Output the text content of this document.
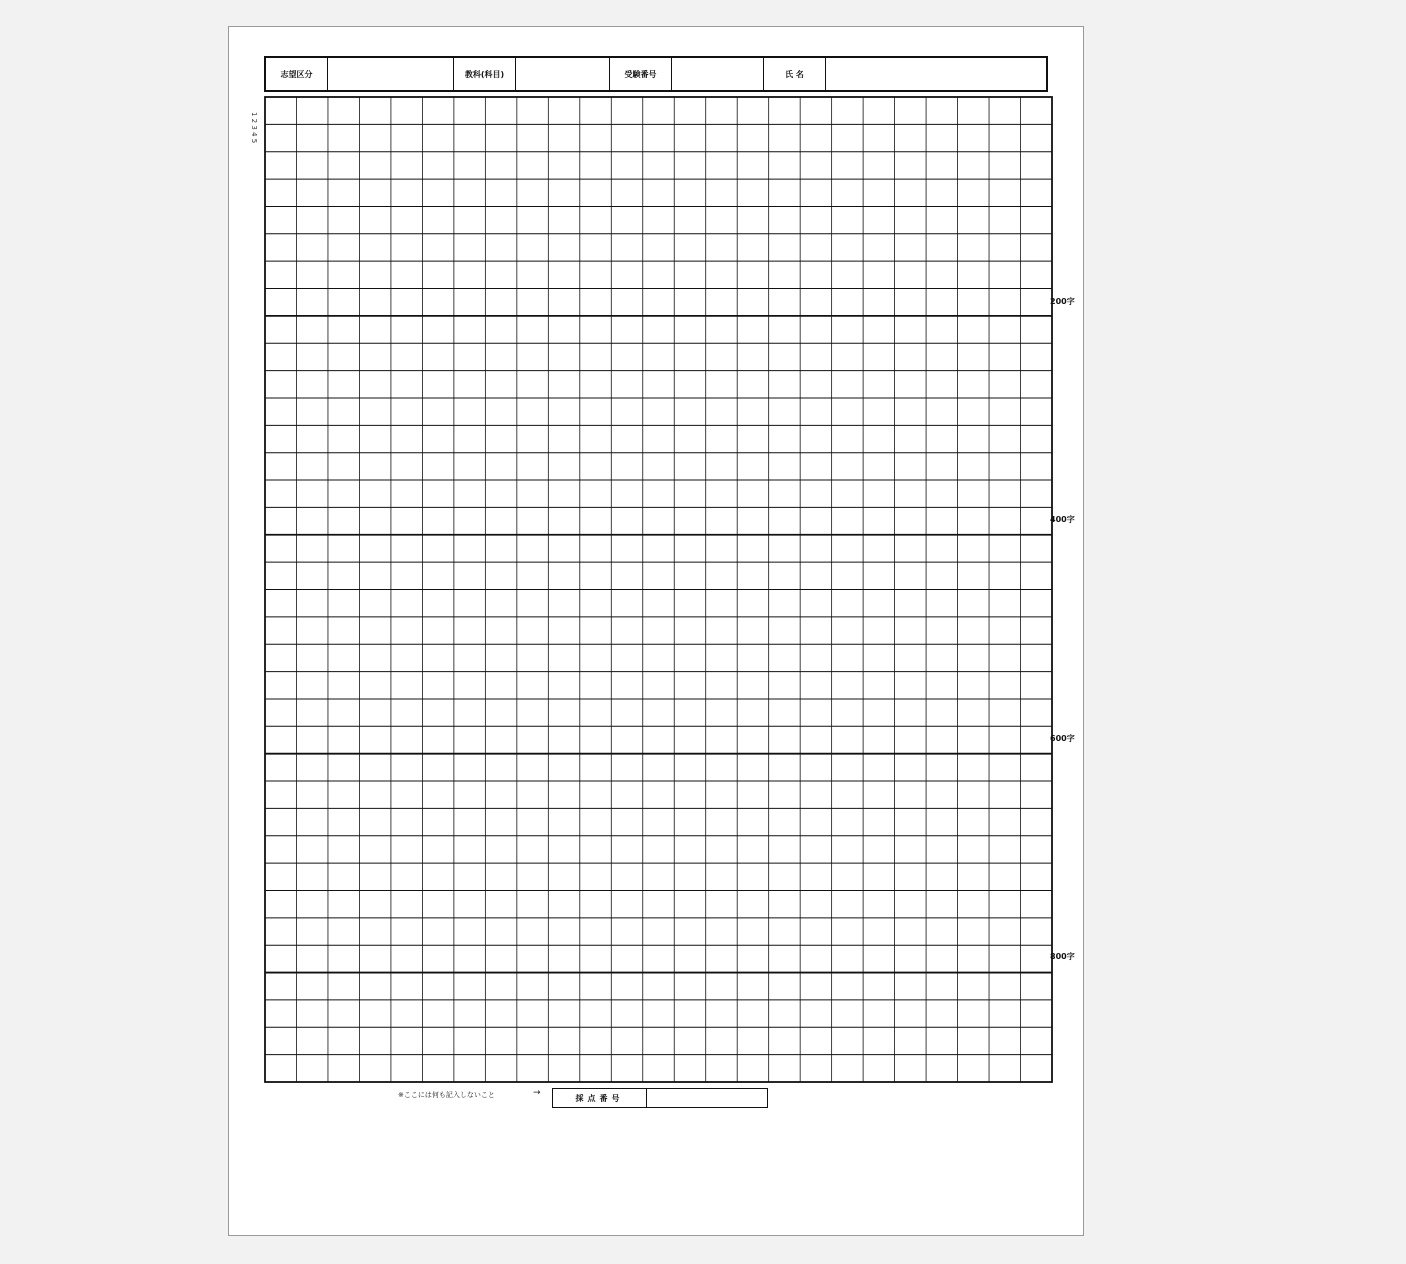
志望区分	教科(科目)	受験番号	氏 名
1 2 3 4 5
200字
400字
600字
800字
※ここには何も記入しないこと	→	採点番号
